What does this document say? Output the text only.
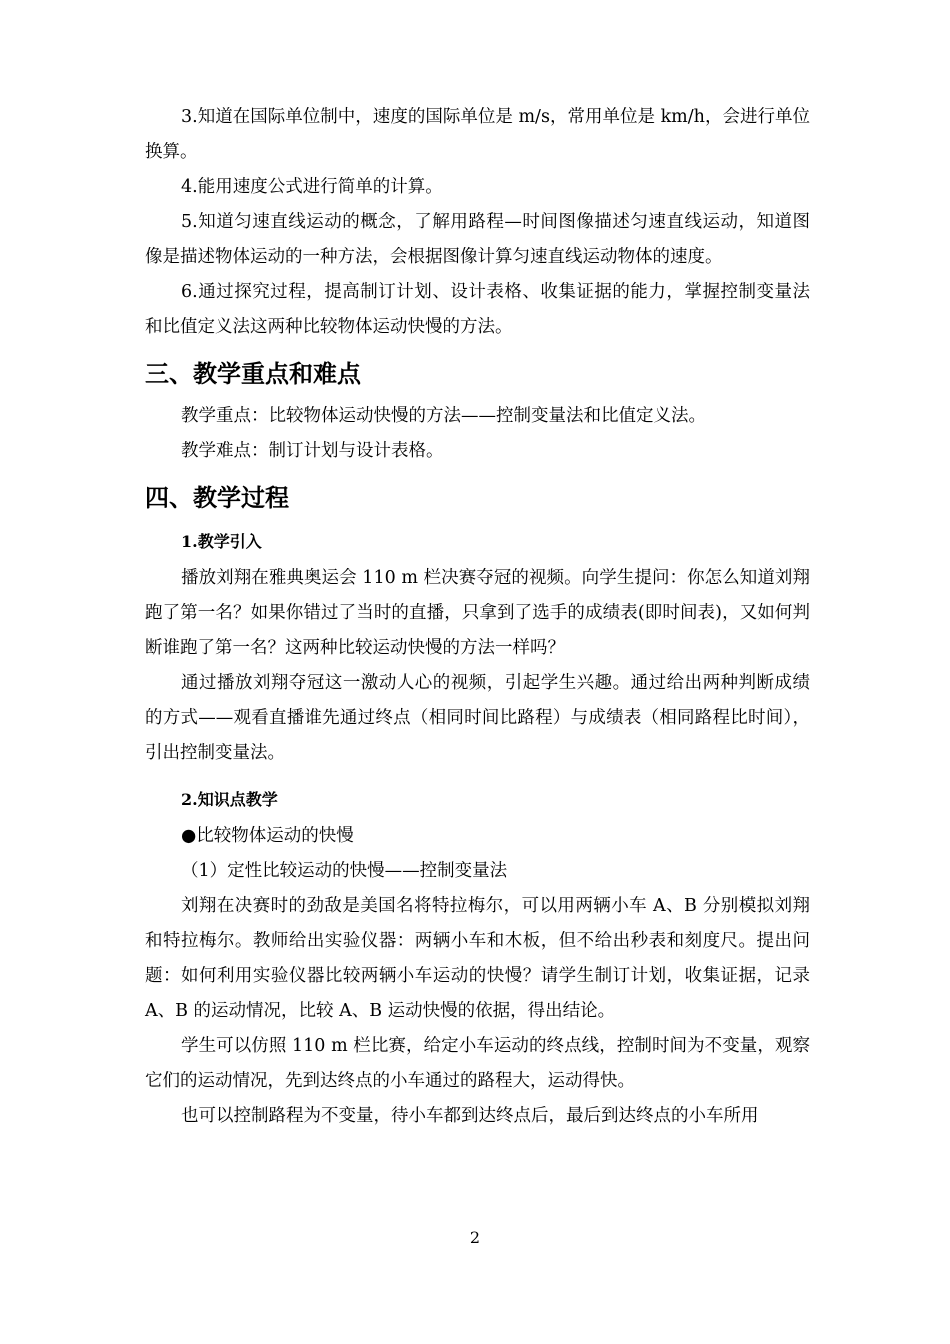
3.知道在国际单位制中，速度的国际单位是 m/s，常用单位是 km/h，会进行单位换算。

4.能用速度公式进行简单的计算。

5.知道匀速直线运动的概念，了解用路程—时间图像描述匀速直线运动，知道图像是描述物体运动的一种方法，会根据图像计算匀速直线运动物体的速度。

6.通过探究过程，提高制订计划、设计表格、收集证据的能力，掌握控制变量法和比值定义法这两种比较物体运动快慢的方法。

三、教学重点和难点

教学重点：比较物体运动快慢的方法——控制变量法和比值定义法。

教学难点：制订计划与设计表格。

四、教学过程
1.教学引入

播放刘翔在雅典奥运会 110 m 栏决赛夺冠的视频。向学生提问：你怎么知道刘翔跑了第一名？如果你错过了当时的直播，只拿到了选手的成绩表(即时间表)，又如何判断谁跑了第一名？这两种比较运动快慢的方法一样吗？

通过播放刘翔夺冠这一激动人心的视频，引起学生兴趣。通过给出两种判断成绩的方式——观看直播谁先通过终点（相同时间比路程）与成绩表（相同路程比时间），引出控制变量法。

2.知识点教学

●比较物体运动的快慢

（1）定性比较运动的快慢——控制变量法

刘翔在决赛时的劲敌是美国名将特拉梅尔，可以用两辆小车 A、B 分别模拟刘翔和特拉梅尔。教师给出实验仪器：两辆小车和木板，但不给出秒表和刻度尺。提出问题：如何利用实验仪器比较两辆小车运动的快慢？请学生制订计划，收集证据，记录 A、B 的运动情况，比较 A、B 运动快慢的依据，得出结论。

学生可以仿照 110 m 栏比赛，给定小车运动的终点线，控制时间为不变量，观察它们的运动情况，先到达终点的小车通过的路程大，运动得快。

也可以控制路程为不变量，待小车都到达终点后，最后到达终点的小车所用

2
